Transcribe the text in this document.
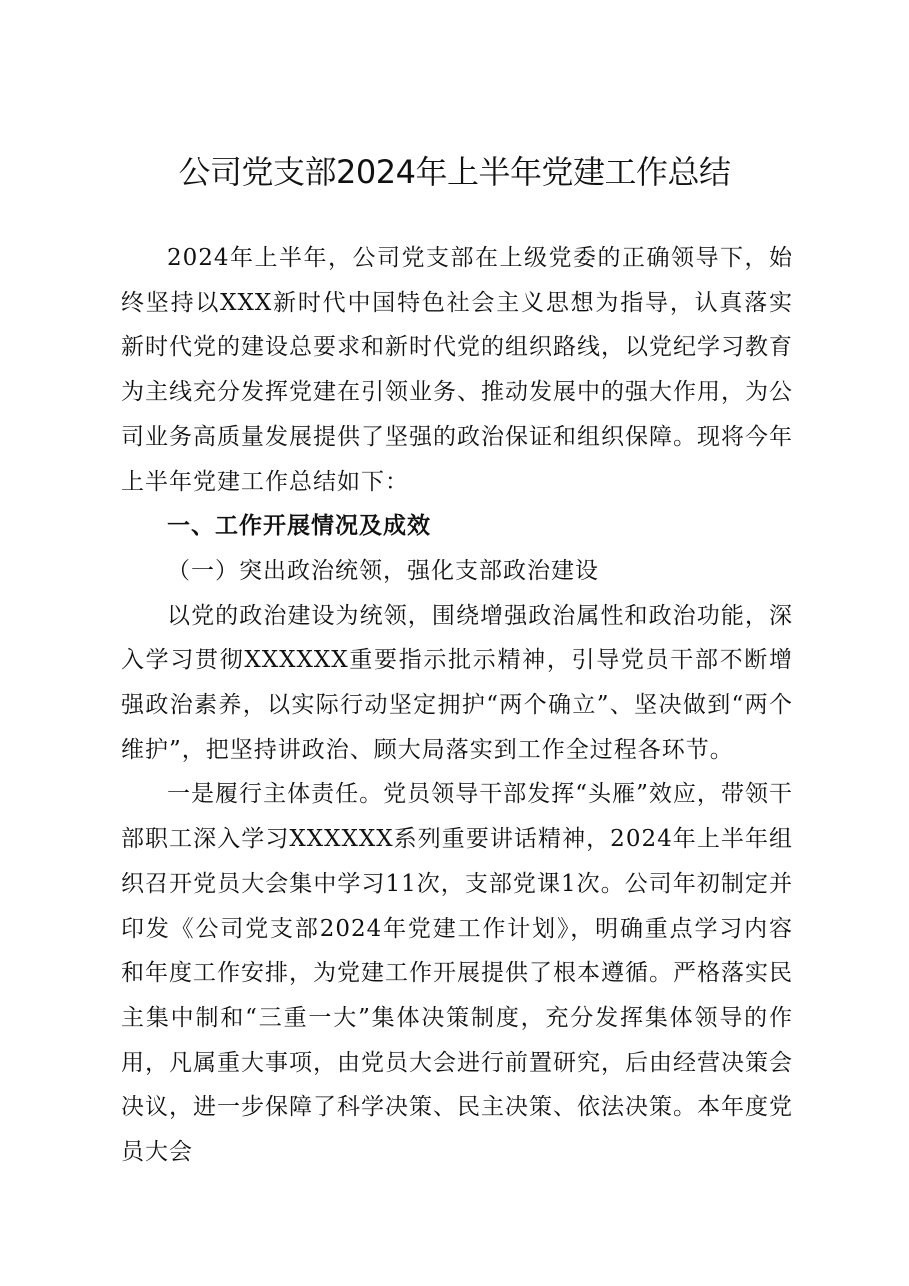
公司党支部2024年上半年党建工作总结

2024年上半年，公司党支部在上级党委的正确领导下，始终坚持以XXX新时代中国特色社会主义思想为指导，认真落实新时代党的建设总要求和新时代党的组织路线，以党纪学习教育为主线充分发挥党建在引领业务、推动发展中的强大作用，为公司业务高质量发展提供了坚强的政治保证和组织保障。现将今年上半年党建工作总结如下：

一、工作开展情况及成效

（一）突出政治统领，强化支部政治建设

以党的政治建设为统领，围绕增强政治属性和政治功能，深入学习贯彻XXXXXX重要指示批示精神，引导党员干部不断增强政治素养，以实际行动坚定拥护“两个确立”、坚决做到“两个维护”，把坚持讲政治、顾大局落实到工作全过程各环节。

一是履行主体责任。党员领导干部发挥“头雁”效应，带领干部职工深入学习XXXXXX系列重要讲话精神，2024年上半年组织召开党员大会集中学习11次，支部党课1次。公司年初制定并印发《公司党支部2024年党建工作计划》，明确重点学习内容和年度工作安排，为党建工作开展提供了根本遵循。严格落实民主集中制和“三重一大”集体决策制度，充分发挥集体领导的作用，凡属重大事项，由党员大会进行前置研究，后由经营决策会决议，进一步保障了科学决策、民主决策、依法决策。本年度党员大会
